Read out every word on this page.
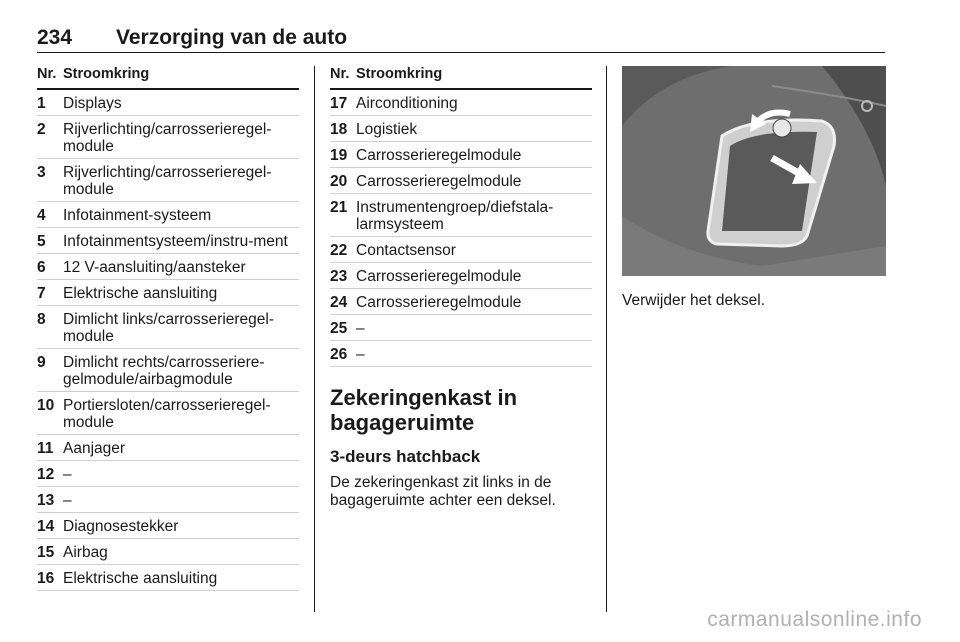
234 Verzorging van de auto
Nr. Stroomkring
1	Displays
2	Rijverlichting/carrosserieregel-module
3	Rijverlichting/carrosserieregel-module
4	Infotainment-systeem
5	Infotainmentsysteem/instru-ment
6	12 V-aansluiting/aansteker
7	Elektrische aansluiting
8	Dimlicht links/carrosserieregel-module
9	Dimlicht rechts/carrosseriere-gelmodule/airbagmodule
10 Portiersloten/carrosserieregel-module
11 Aanjager
12 –
13 –
14 Diagnosestekker
15 Airbag
16 Elektrische aansluiting
Nr. Stroomkring
17 Airconditioning
18 Logistiek
19 Carrosserieregelmodule
20 Carrosserieregelmodule
21 Instrumentengroep/diefstala-larmsysteem
22 Contactsensor
23 Carrosserieregelmodule
24 Carrosserieregelmodule
25 –
26 –
Zekeringenkast in bagageruimte
3-deurs hatchback
De zekeringenkast zit links in de bagageruimte achter een deksel.
Verwijder het deksel.
carmanualsonline.info
